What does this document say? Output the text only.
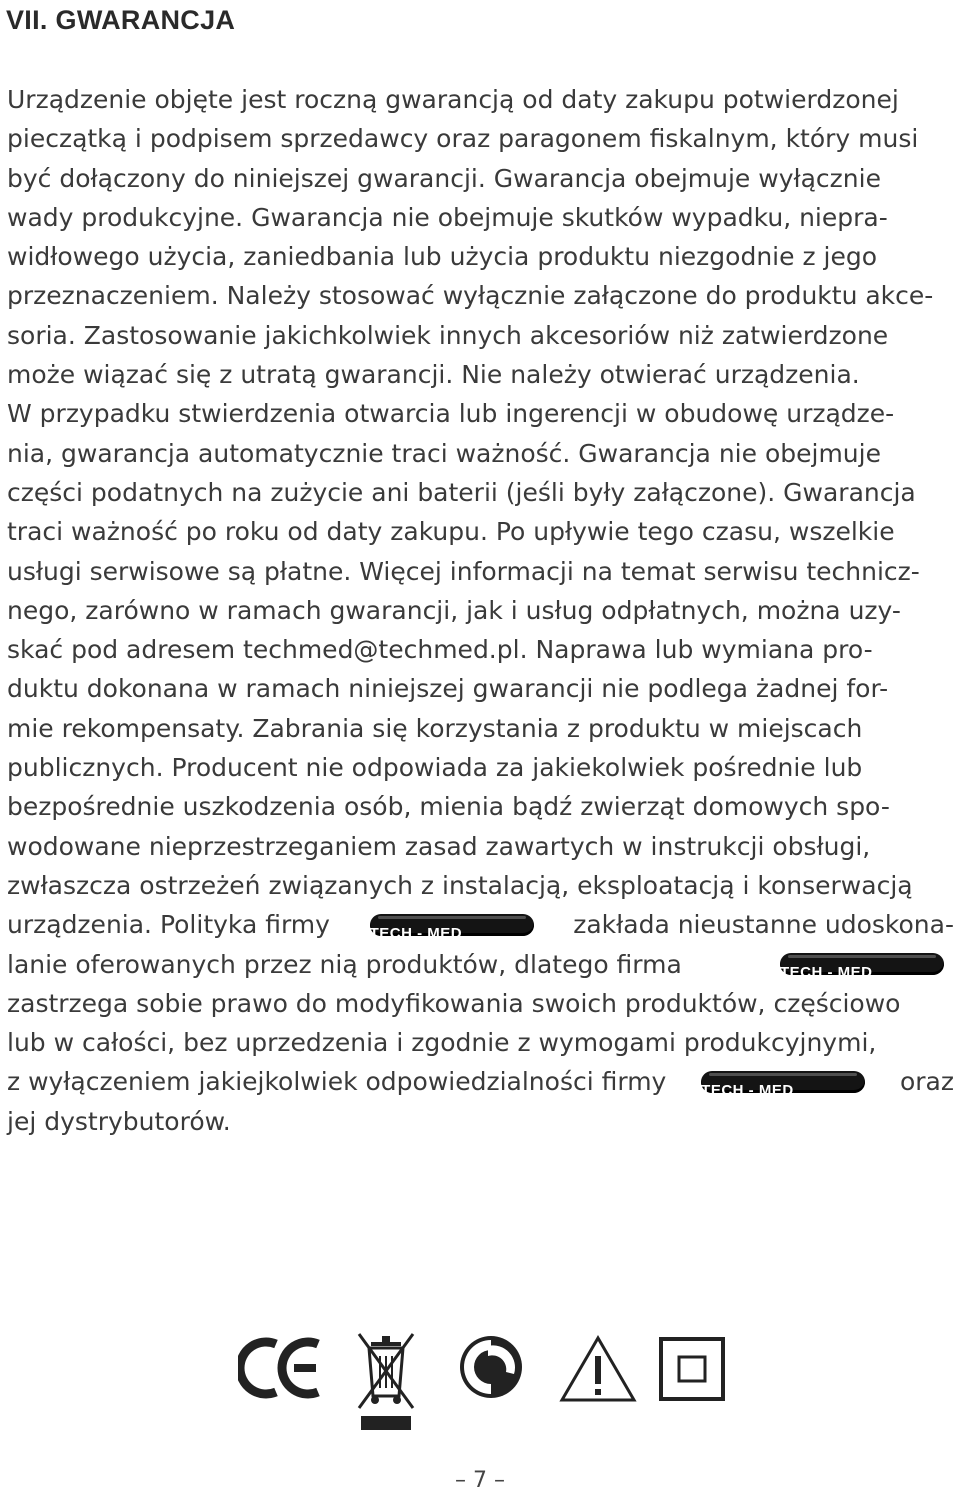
VII. GWARANCJA
Urządzenie objęte jest roczną gwarancją od daty zakupu potwierdzonej
pieczątką i podpisem sprzedawcy oraz paragonem fiskalnym, który musi
być dołączony do niniejszej gwarancji. Gwarancja obejmuje wyłącznie
wady produkcyjne. Gwarancja nie obejmuje skutków wypadku, niepra-
widłowego użycia, zaniedbania lub użycia produktu niezgodnie z jego
przeznaczeniem. Należy stosować wyłącznie załączone do produktu akce-
soria. Zastosowanie jakichkolwiek innych akcesoriów niż zatwierdzone
może wiązać się z utratą gwarancji. Nie należy otwierać urządzenia.
W przypadku stwierdzenia otwarcia lub ingerencji w obudowę urządze-
nia, gwarancja automatycznie traci ważność. Gwarancja nie obejmuje
części podatnych na zużycie ani baterii (jeśli były załączone). Gwarancja
traci ważność po roku od daty zakupu. Po upływie tego czasu, wszelkie
usługi serwisowe są płatne. Więcej informacji na temat serwisu technicz-
nego, zarówno w ramach gwarancji, jak i usług odpłatnych, można uzy-
skać pod adresem techmed@techmed.pl. Naprawa lub wymiana pro-
duktu dokonana w ramach niniejszej gwarancji nie podlega żadnej for-
mie rekompensaty. Zabrania się korzystania z produktu w miejscach
publicznych. Producent nie odpowiada za jakiekolwiek pośrednie lub
bezpośrednie uszkodzenia osób, mienia bądź zwierząt domowych spo-
wodowane nieprzestrzeganiem zasad zawartych w instrukcji obsługi,
zwłaszcza ostrzeżeń związanych z instalacją, eksploatacją i konserwacją
urządzenia. Polityka firmy	TECH - MED	zakłada nieustanne udoskona-
lanie oferowanych przez nią produktów, dlatego firma	TECH - MED
zastrzega sobie prawo do modyfikowania swoich produktów, częściowo
lub w całości, bez uprzedzenia i zgodnie z wymogami produkcyjnymi,
z wyłączeniem jakiejkolwiek odpowiedzialności firmy TECH - MED	oraz
jej dystrybutorów.
– 7 –
